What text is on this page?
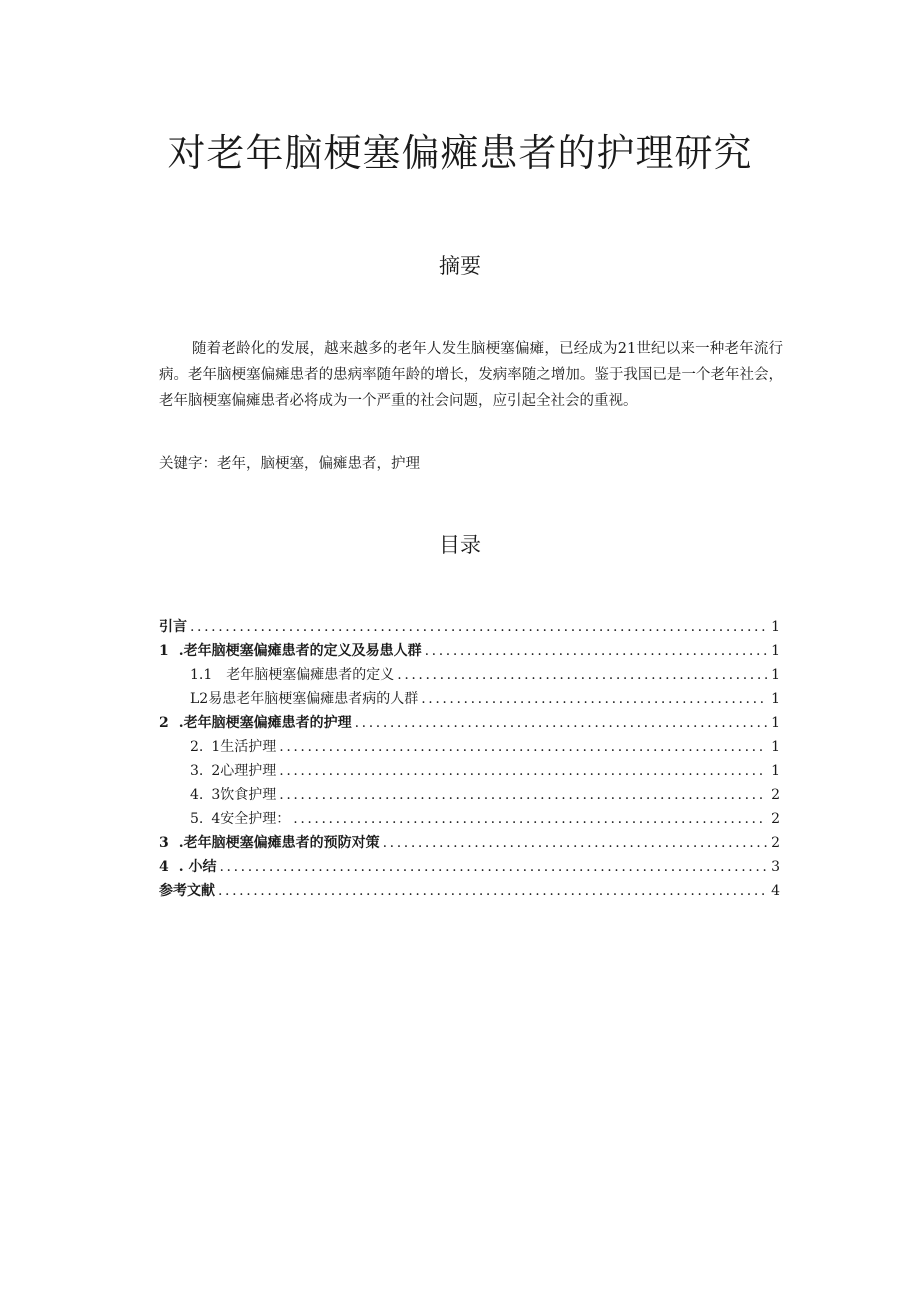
对老年脑梗塞偏瘫患者的护理研究
摘要

随着老龄化的发展，越来越多的老年人发生脑梗塞偏瘫，已经成为21世纪以来一种老年流行病。老年脑梗塞偏瘫患者的患病率随年龄的增长，发病率随之增加。鉴于我国已是一个老年社会，老年脑梗塞偏瘫患者必将成为一个严重的社会问题，应引起全社会的重视。

关键字：老年，脑梗塞，偏瘫患者，护理

目录
引言 .....	1
1 .老年脑梗塞偏瘫患者的定义及易患人群 .....	1
1.1 老年脑梗塞偏瘫患者的定义 .....	1
L2易患老年脑梗塞偏瘫患者病的人群 .....	1
2 .老年脑梗塞偏瘫患者的护理 .....	1
2. 1生活护理 .....	1
3. 2心理护理 .....	1
4. 3饮食护理 .....	2
5. 4安全护理： .....	2
3 .老年脑梗塞偏瘫患者的预防对策 .....	2
4 . 小结 .....	3
参考文献 .....	4
